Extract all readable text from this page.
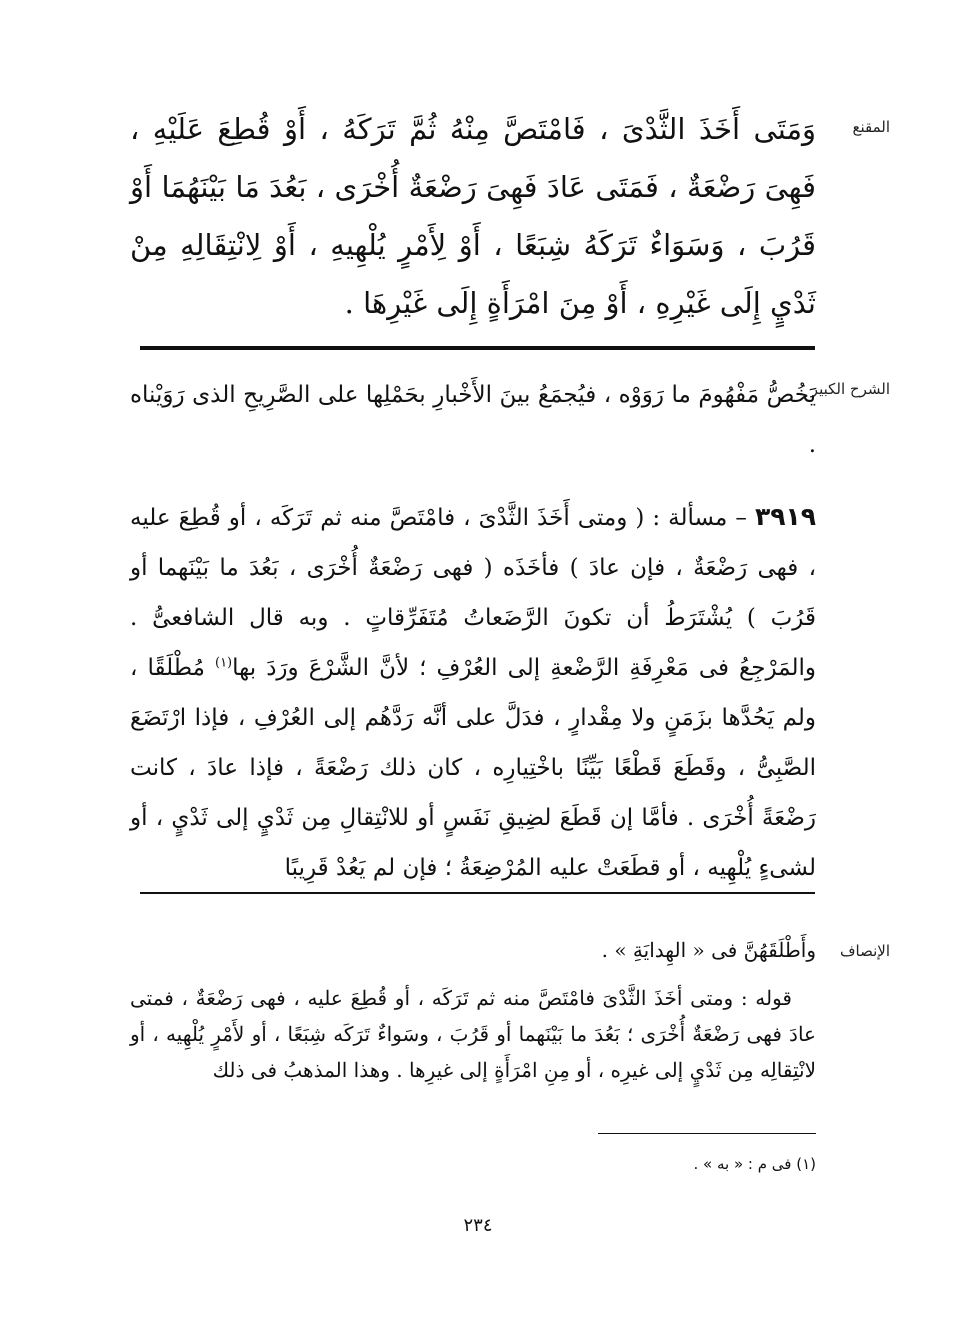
المقنع

وَمَتَى أَخَذَ الثَّدْىَ ، فَامْتَصَّ مِنْهُ ثُمَّ تَرَكَهُ ، أَوْ قُطِعَ عَلَيْهِ ، فَهِىَ رَضْعَةٌ ، فَمَتَى عَادَ فَهِىَ رَضْعَةٌ أُخْرَى ، بَعُدَ مَا بَيْنَهُمَا أَوْ قَرُبَ ، وَسَوَاءٌ تَرَكَهُ شِبَعًا ، أَوْ لِأَمْرٍ يُلْهِيهِ ، أَوْ لِانْتِقَالِهِ مِنْ ثَدْيٍ إِلَى غَيْرِهِ ، أَوْ مِنَ امْرَأَةٍ إِلَى غَيْرِهَا .

الشرح الكبير

يَخُصُّ مَفْهُومَ ما رَوَوْه ، فيُجمَعُ بينَ الأَخْبارِ بحَمْلِها على الصَّرِيحِ الذى رَوَيْناه .

٣٩١٩ – مسألة : ( ومتى أَخَذَ الثَّدْىَ ، فامْتَصَّ منه ثم تَرَكَه ، أو قُطِعَ عليه ، فهى رَضْعَةٌ ، فإن عادَ ) فأخَذَه ( فهى رَضْعَةٌ أُخْرَى ، بَعُدَ ما بَيْنَهما أو قَرُبَ ) يُشْتَرَطُ أن تكونَ الرَّضَعاتُ مُتَفَرِّقاتٍ . وبه قال الشافعىُّ . والمَرْجِعُ فى مَعْرِفَةِ الرَّضْعةِ إلى العُرْفِ ؛ لأنَّ الشَّرْعَ ورَدَ بها$^{(١)}$ مُطْلَقًا ، ولم يَحُدَّها بزَمَنٍ ولا مِقْدارٍ ، فدَلَّ على أنَّه رَدَّهُم إلى العُرْفِ ، فإذا ارْتَضَعَ الصَّبِىُّ ، وقَطَعَ قَطْعًا بَيِّنًا باخْتِيارِه ، كان ذلك رَضْعَةً ، فإذا عادَ ، كانت رَضْعَةً أُخْرَى . فأمَّا إن قَطَعَ لضِيقِ نَفَسٍ أو للانْتِقالِ مِن ثَدْيٍ إلى ثَدْيٍ ، أو لشىءٍ يُلْهِيه ، أو قطَعَتْ عليه المُرْضِعَةُ ؛ فإن لم يَعُدْ قَرِيبًا

الإنصاف

وأَطْلَقَهُنَّ فى « الهِدايَةِ » .

قوله : ومتى أخَذَ الثَّدْىَ فامْتَصَّ منه ثم تَرَكَه ، أو قُطِعَ عليه ، فهى رَضْعَةٌ ، فمتى عادَ فهى رَضْعَةٌ أُخْرَى ؛ بَعُدَ ما بَيْنَهما أو قَرُبَ ، وسَواءٌ تَرَكَه شِبَعًا ، أو لأَمْرٍ يُلْهِيه ، أو لانْتِقالِه مِن ثَدْيٍ إلى غيرِه ، أو مِنِ امْرَأَةٍ إلى غيرِها . وهذا المذهبُ فى ذلك

(١) فى م : « به » .
٢٣٤
